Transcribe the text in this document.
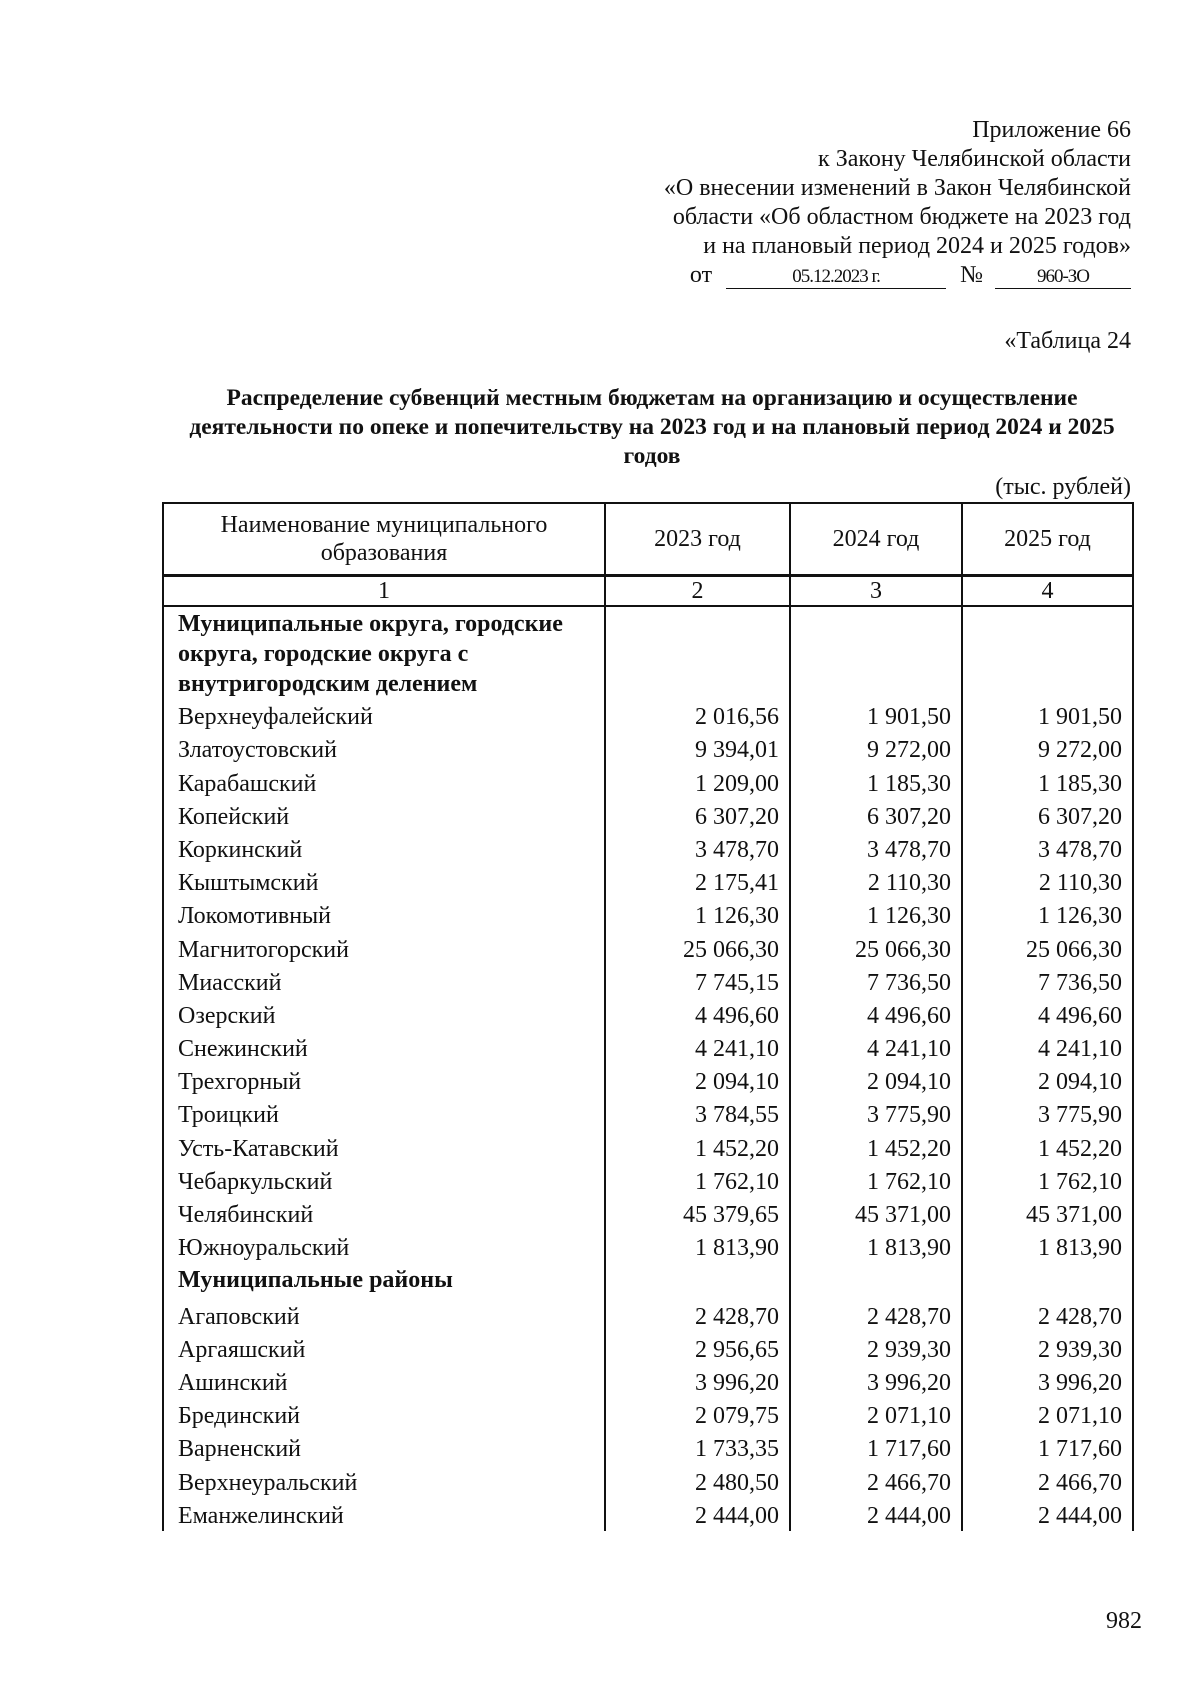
Приложение 66
к Закону Челябинской области
«О внесении изменений в Закон Челябинской
области «Об областном бюджете на 2023 год
и на плановый период 2024 и 2025 годов»
от	05.12.2023 г.	№	960-ЗО
«Таблица 24
Распределение субвенций местным бюджетам на организацию и осуществление деятельности по опеке и попечительству на 2023 год и на плановый период 2024 и 2025 годов
(тыс. рублей)
Наименование муниципального образования	2023 год	2024 год	2025 год
1	2	3	4
Муниципальные округа, городские округа, городские округа с внутригородским делением			
Верхнеуфалейский	2 016,56	1 901,50	1 901,50
Златоустовский	9 394,01	9 272,00	9 272,00
Карабашский	1 209,00	1 185,30	1 185,30
Копейский	6 307,20	6 307,20	6 307,20
Коркинский	3 478,70	3 478,70	3 478,70
Кыштымский	2 175,41	2 110,30	2 110,30
Локомотивный	1 126,30	1 126,30	1 126,30
Магнитогорский	25 066,30	25 066,30	25 066,30
Миасский	7 745,15	7 736,50	7 736,50
Озерский	4 496,60	4 496,60	4 496,60
Снежинский	4 241,10	4 241,10	4 241,10
Трехгорный	2 094,10	2 094,10	2 094,10
Троицкий	3 784,55	3 775,90	3 775,90
Усть-Катавский	1 452,20	1 452,20	1 452,20
Чебаркульский	1 762,10	1 762,10	1 762,10
Челябинский	45 379,65	45 371,00	45 371,00
Южноуральский	1 813,90	1 813,90	1 813,90
Муниципальные районы			
Агаповский	2 428,70	2 428,70	2 428,70
Аргаяшский	2 956,65	2 939,30	2 939,30
Ашинский	3 996,20	3 996,20	3 996,20
Брединский	2 079,75	2 071,10	2 071,10
Варненский	1 733,35	1 717,60	1 717,60
Верхнеуральский	2 480,50	2 466,70	2 466,70
Еманжелинский	2 444,00	2 444,00	2 444,00
982
